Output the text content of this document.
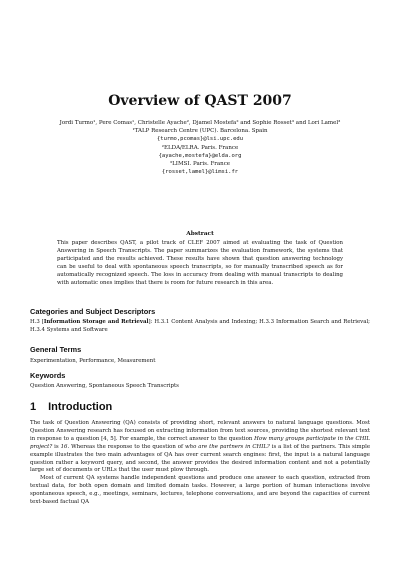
Overview of QAST 2007
Jordi Turmo¹, Pere Comas¹, Christelle Ayache², Djamel Mostefa² and Sophie Rosset³ and Lori Lamel³
¹TALP Research Centre (UPC). Barcelona. Spain
{turmo,pcomas}@lsi.upc.edu
²ELDA/ELRA. Paris. France
{ayache,mostefa}@elda.org
³LIMSI. Paris. France
{rosset,lamel}@limsi.fr
Abstract
This paper describes QAST, a pilot track of CLEF 2007 aimed at evaluating the task of Question Answering in Speech Transcripts. The paper summarizes the evaluation framework, the systems that participated and the results achieved. These results have shown that question answering technology can be useful to deal with spontaneous speech transcripts, so for manually transcribed speech as for automatically recognized speech. The loss in accuracy from dealing with manual transcripts to dealing with automatic ones implies that there is room for future research in this area.
Categories and Subject Descriptors
H.3 [Information Storage and Retrieval]: H.3.1 Content Analysis and Indexing; H.3.3 Information Search and Retrieval; H.3.4 Systems and Software
General Terms
Experimentation, Performance, Measurement
Keywords
Question Answering, Spontaneous Speech Transcripts
1 Introduction

The task of Question Answering (QA) consists of providing short, relevant answers to natural language questions. Most Question Answering research has focused on extracting information from text sources, providing the shortest relevant text in response to a question [4, 5]. For example, the correct answer to the question How many groups participate in the CHIL project? is 16. Whereas the response to the question of who are the partners in CHIL? is a list of the partners. This simple example illustrates the two main advantages of QA has over current search engines: first, the input is a natural language question rather a keyword query, and second, the answer provides the desired information content and not a potentially large set of documents or URLs that the user must plow through.

Most of current QA systems handle independent questions and produce one answer to each question, extracted from textual data, for both open domain and limited domain tasks. However, a large portion of human interactions involve spontaneous speech, e.g., meetings, seminars, lectures, telephone conversations, and are beyond the capacities of current text-based factual QA
